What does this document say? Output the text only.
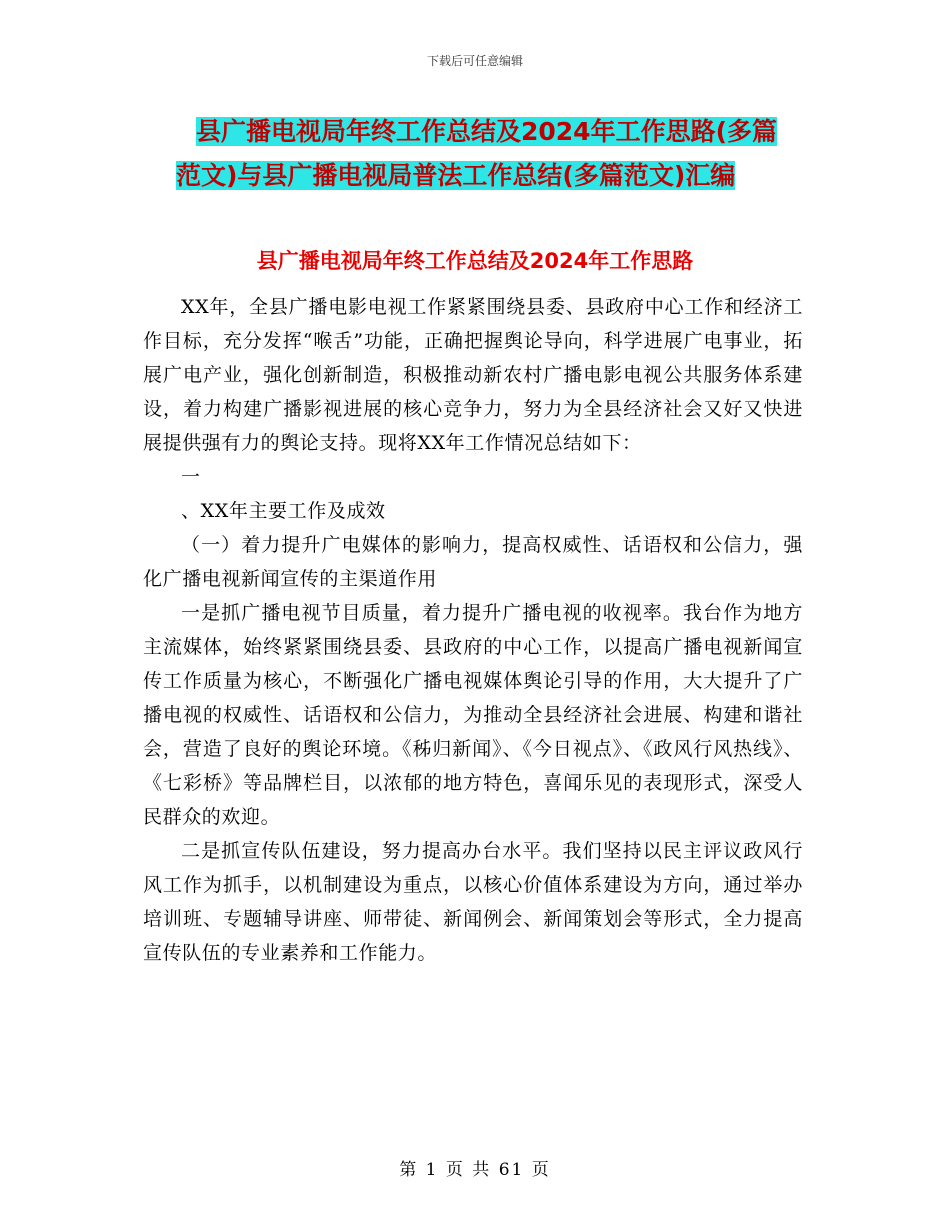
下载后可任意编辑
县广播电视局年终工作总结及2024年工作思路(多篇
范文)与县广播电视局普法工作总结(多篇范文)汇编
县广播电视局年终工作总结及2024年工作思路

XX年，全县广播电影电视工作紧紧围绕县委、县政府中心工作和经济工作目标，充分发挥“喉舌”功能，正确把握舆论导向，科学进展广电事业，拓展广电产业，强化创新制造，积极推动新农村广播电影电视公共服务体系建设，着力构建广播影视进展的核心竞争力，努力为全县经济社会又好又快进展提供强有力的舆论支持。现将XX年工作情况总结如下：

一

、XX年主要工作及成效

（一）着力提升广电媒体的影响力，提高权威性、话语权和公信力，强化广播电视新闻宣传的主渠道作用

一是抓广播电视节目质量，着力提升广播电视的收视率。我台作为地方主流媒体，始终紧紧围绕县委、县政府的中心工作，以提高广播电视新闻宣传工作质量为核心，不断强化广播电视媒体舆论引导的作用，大大提升了广播电视的权威性、话语权和公信力，为推动全县经济社会进展、构建和谐社会，营造了良好的舆论环境。《秭归新闻》、《今日视点》、《政风行风热线》、《七彩桥》等品牌栏目，以浓郁的地方特色，喜闻乐见的表现形式，深受人民群众的欢迎。

二是抓宣传队伍建设，努力提高办台水平。我们坚持以民主评议政风行风工作为抓手，以机制建设为重点，以核心价值体系建设为方向，通过举办培训班、专题辅导讲座、师带徒、新闻例会、新闻策划会等形式，全力提高宣传队伍的专业素养和工作能力。

第 1 页 共 61 页
